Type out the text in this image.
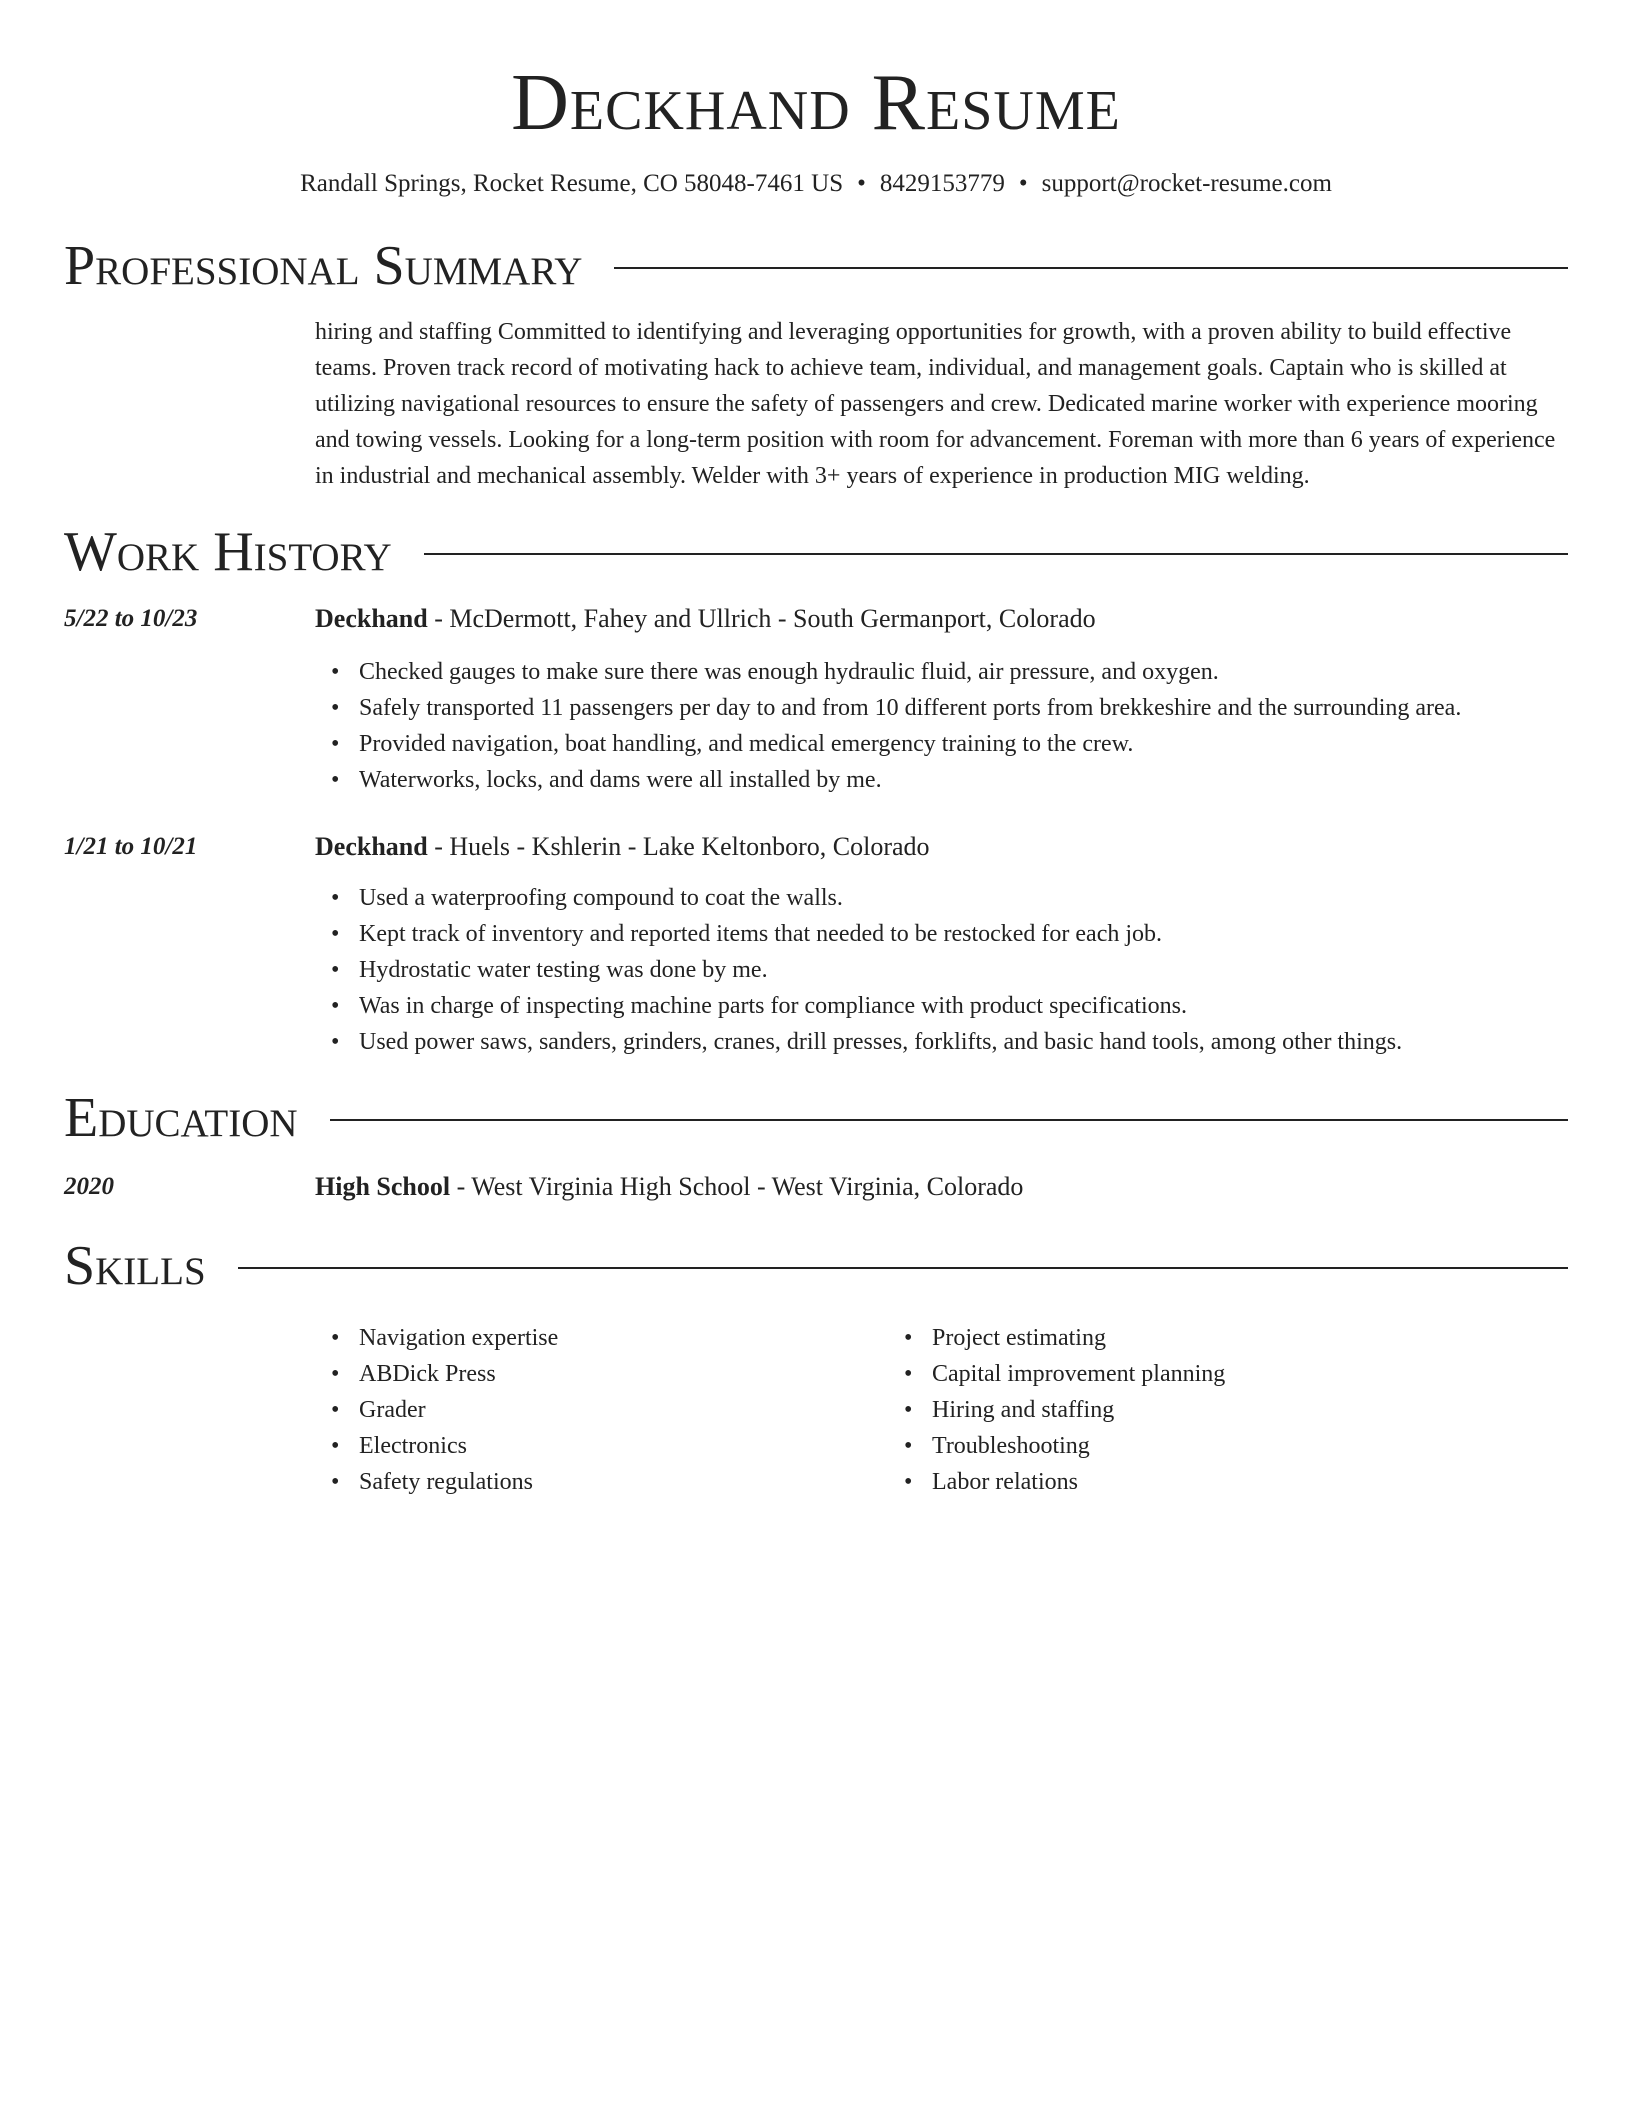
Deckhand Resume
Randall Springs, Rocket Resume, CO 58048-7461 US • 8429153779 • support@rocket-resume.com
Professional Summary
hiring and staffing Committed to identifying and leveraging opportunities for growth, with a proven ability to build effective teams. Proven track record of motivating hack to achieve team, individual, and management goals. Captain who is skilled at utilizing navigational resources to ensure the safety of passengers and crew. Dedicated marine worker with experience mooring and towing vessels. Looking for a long-term position with room for advancement. Foreman with more than 6 years of experience in industrial and mechanical assembly. Welder with 3+ years of experience in production MIG welding.
Work History
5/22 to 10/23	Deckhand - McDermott, Fahey and Ullrich - South Germanport, Colorado
• Checked gauges to make sure there was enough hydraulic fluid, air pressure, and oxygen.
• Safely transported 11 passengers per day to and from 10 different ports from brekkeshire and the surrounding area.
• Provided navigation, boat handling, and medical emergency training to the crew.
• Waterworks, locks, and dams were all installed by me.
1/21 to 10/21	Deckhand - Huels - Kshlerin - Lake Keltonboro, Colorado
• Used a waterproofing compound to coat the walls.
• Kept track of inventory and reported items that needed to be restocked for each job.
• Hydrostatic water testing was done by me.
• Was in charge of inspecting machine parts for compliance with product specifications.
• Used power saws, sanders, grinders, cranes, drill presses, forklifts, and basic hand tools, among other things.
Education
2020	High School - West Virginia High School - West Virginia, Colorado
Skills
• Navigation expertise
• ABDick Press
• Grader
• Electronics
• Safety regulations
• Project estimating
• Capital improvement planning
• Hiring and staffing
• Troubleshooting
• Labor relations
